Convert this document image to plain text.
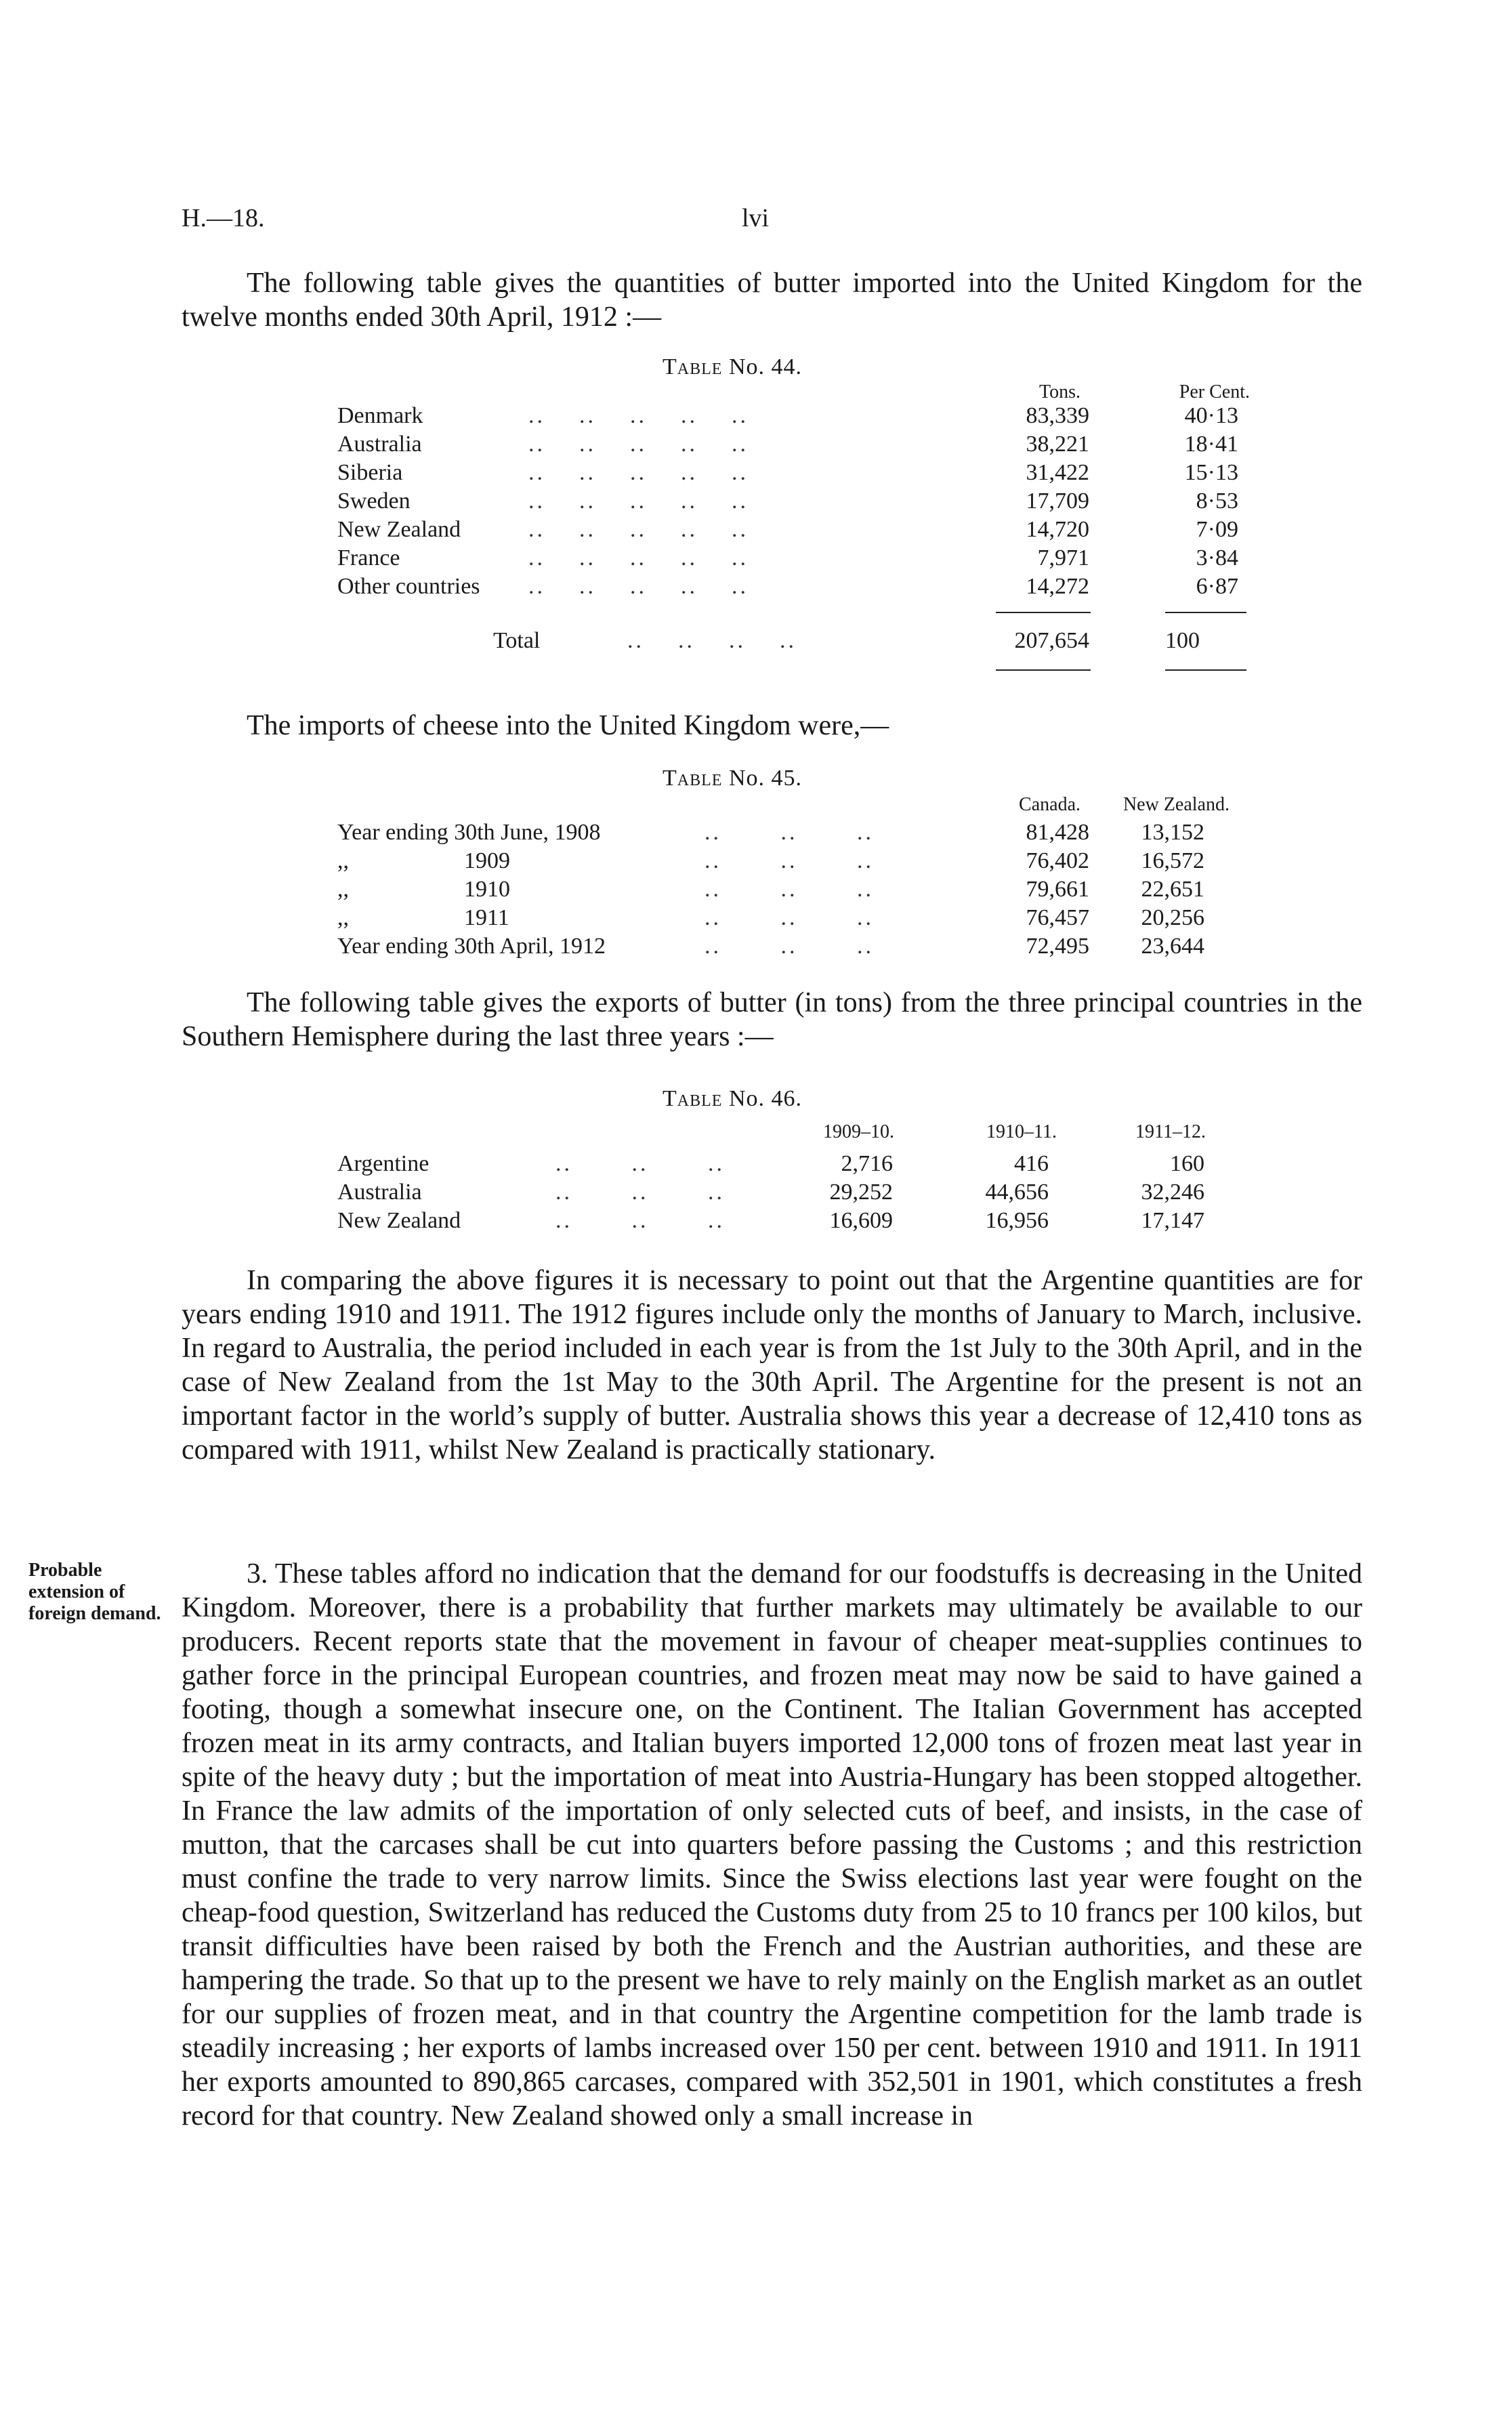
H.—18.	lvi
The following table gives the quantities of butter imported into the United Kingdom for the twelve months ended 30th April, 1912 :—
Table No. 44.
Tons.	Per Cent.
Denmark	..    ..    ..    ..    ..	83,339	40·13
Australia	..    ..    ..    ..    ..	38,221	18·41
Siberia	..    ..    ..    ..    ..	31,422	15·13
Sweden	..    ..    ..    ..    ..	17,709	8·53
New Zealand	..    ..    ..    ..    ..	14,720	7·09
France	..    ..    ..    ..    ..	7,971	3·84
Other countries ..    ..    ..    ..    ..	14,272	6·87
Total	..    ..    ..    ..	207,654	100
The imports of cheese into the United Kingdom were,—
Table No. 45.
Canada.	New Zealand.
Year ending 30th June, 1908	..       ..       ..	81,428	13,152
,,                    1909	..       ..       ..	76,402	16,572
,,                    1910	..       ..       ..	79,661	22,651
,,                    1911	..       ..       ..	76,457	20,256
Year ending 30th April, 1912	..       ..       ..	72,495	23,644
The following table gives the exports of butter (in tons) from the three principal countries in the Southern Hemisphere during the last three years :—
Table No. 46.
1909–10.	1910–11.	1911–12.
Argentine	..       ..       ..	2,716	416	160
Australia	..       ..       ..	29,252	44,656	32,246
New Zealand	..       ..       ..	16,609	16,956	17,147
In comparing the above figures it is necessary to point out that the Argentine quantities are for years ending 1910 and 1911. The 1912 figures include only the months of January to March, inclusive. In regard to Australia, the period included in each year is from the 1st July to the 30th April, and in the case of New Zealand from the 1st May to the 30th April. The Argentine for the present is not an important factor in the world’s supply of butter. Australia shows this year a decrease of 12,410 tons as compared with 1911, whilst New Zealand is practically stationary.
Probable extension of foreign demand.
3. These tables afford no indication that the demand for our foodstuffs is decreasing in the United Kingdom. Moreover, there is a probability that further markets may ultimately be available to our producers. Recent reports state that the movement in favour of cheaper meat-supplies continues to gather force in the principal European countries, and frozen meat may now be said to have gained a footing, though a somewhat insecure one, on the Continent. The Italian Government has accepted frozen meat in its army contracts, and Italian buyers imported 12,000 tons of frozen meat last year in spite of the heavy duty ; but the importation of meat into Austria-Hungary has been stopped altogether. In France the law admits of the importation of only selected cuts of beef, and insists, in the case of mutton, that the carcases shall be cut into quarters before passing the Customs ; and this restriction must confine the trade to very narrow limits. Since the Swiss elections last year were fought on the cheap-food question, Switzerland has reduced the Customs duty from 25 to 10 francs per 100 kilos, but transit difficulties have been raised by both the French and the Austrian authorities, and these are hampering the trade. So that up to the present we have to rely mainly on the English market as an outlet for our supplies of frozen meat, and in that country the Argentine competition for the lamb trade is steadily increasing ; her exports of lambs increased over 150 per cent. between 1910 and 1911. In 1911 her exports amounted to 890,865 carcases, compared with 352,501 in 1901, which constitutes a fresh record for that country. New Zealand showed only a small increase in
